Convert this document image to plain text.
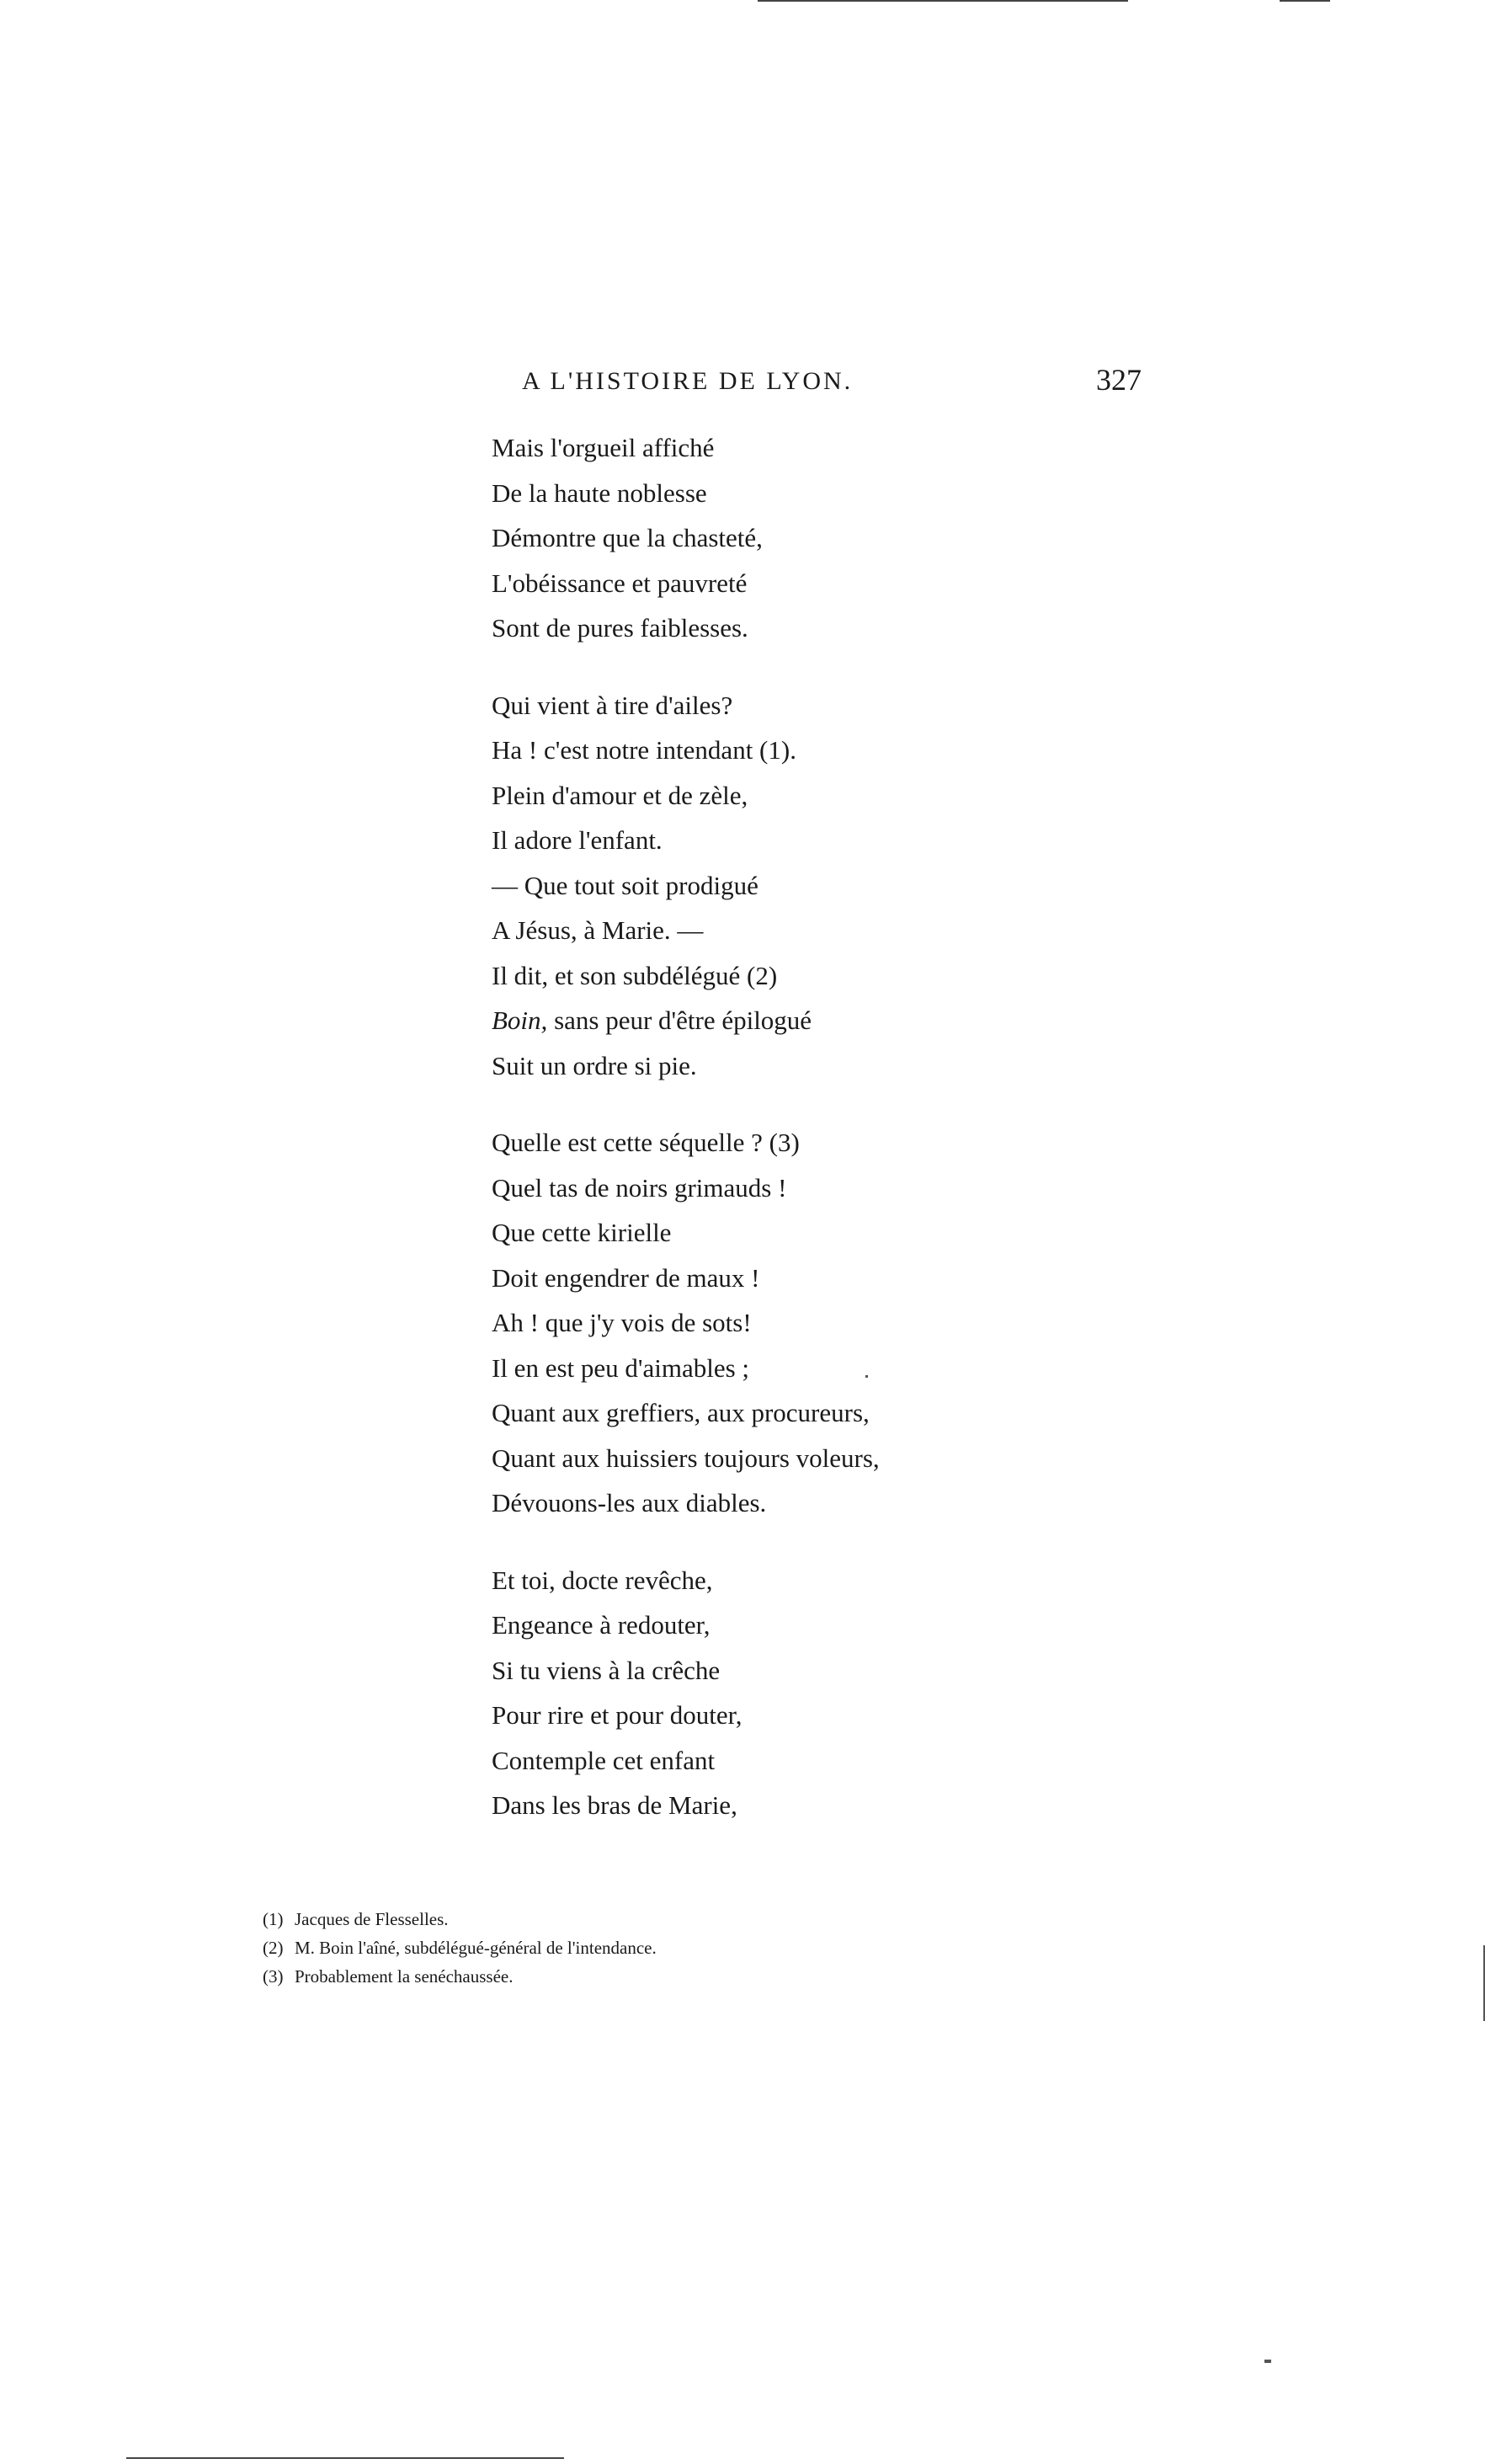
A L'HISTOIRE DE LYON.	327
Mais l'orgueil affiché
De la haute noblesse
Démontre que la chasteté,
L'obéissance et pauvreté
Sont de pures faiblesses.
Qui vient à tire d'ailes?
Ha ! c'est notre intendant (1).
Plein d'amour et de zèle,
Il adore l'enfant.
— Que tout soit prodigué
A Jésus, à Marie. —
Il dit, et son subdélégué (2)
Boin, sans peur d'être épilogué
Suit un ordre si pie.
Quelle est cette séquelle ? (3)
Quel tas de noirs grimauds !
Que cette kirielle
Doit engendrer de maux !
Ah ! que j'y vois de sots!
Il en est peu d'aimables ;
Quant aux greffiers, aux procureurs,
Quant aux huissiers toujours voleurs,
Dévouons-les aux diables.
Et toi, docte revêche,
Engeance à redouter,
Si tu viens à la crêche
Pour rire et pour douter,
Contemple cet enfant
Dans les bras de Marie,
(1) Jacques de Flesselles.
(2) M. Boin l'aîné, subdélégué-général de l'intendance.
(3) Probablement la senéchaussée.
